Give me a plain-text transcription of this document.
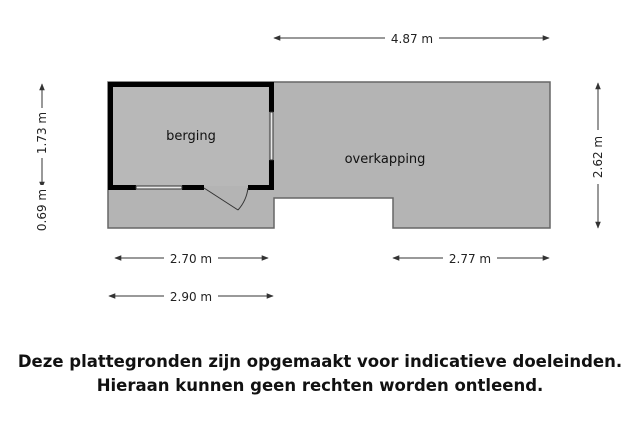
berging
overkapping
4.87 m
1.73 m
0.69 m
2.62 m
2.70 m	2.77 m
2.90 m
Deze plattegronden zijn opgemaakt voor indicatieve doeleinden.
Hieraan kunnen geen rechten worden ontleend.
